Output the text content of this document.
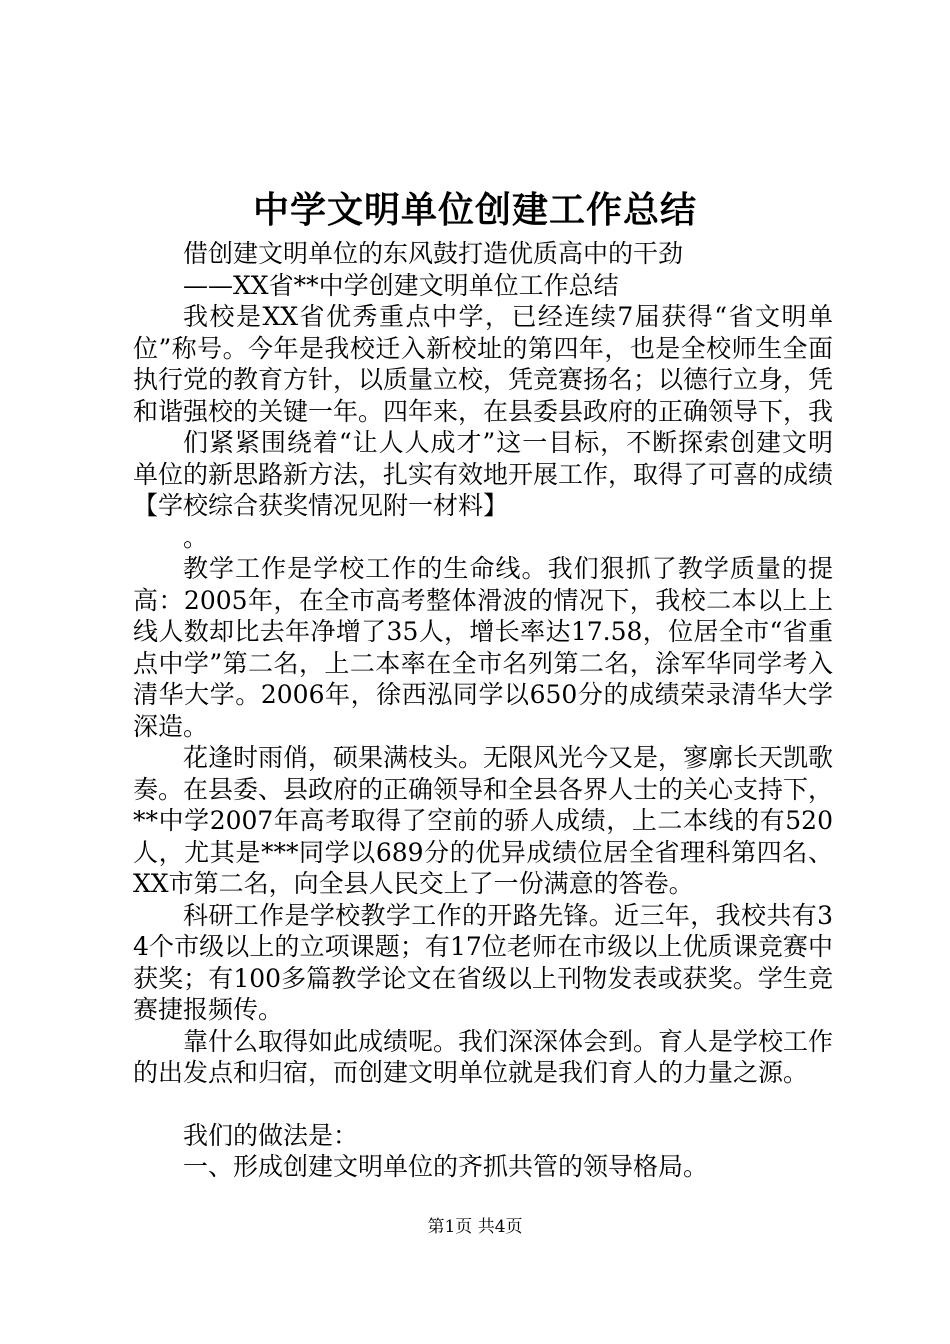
中学文明单位创建工作总结

借创建文明单位的东风鼓打造优质高中的干劲

——XX省**中学创建文明单位工作总结

我校是XX省优秀重点中学，已经连续7届获得“省文明单位”称号。今年是我校迁入新校址的第四年，也是全校师生全面执行党的教育方针，以质量立校，凭竞赛扬名；以德行立身，凭和谐强校的关键一年。四年来，在县委县政府的正确领导下，我

们紧紧围绕着“让人人成才”这一目标，不断探索创建文明单位的新思路新方法，扎实有效地开展工作，取得了可喜的成绩【学校综合获奖情况见附一材料】

。

教学工作是学校工作的生命线。我们狠抓了教学质量的提高：2005年，在全市高考整体滑波的情况下，我校二本以上上线人数却比去年净增了35人，增长率达17.58，位居全市“省重点中学”第二名，上二本率在全市名列第二名，涂军华同学考入清华大学。2006年，徐西泓同学以650分的成绩荣录清华大学深造。

花逢时雨俏，硕果满枝头。无限风光今又是，寥廓长天凯歌奏。在县委、县政府的正确领导和全县各界人士的关心支持下，**中学2007年高考取得了空前的骄人成绩，上二本线的有520人，尤其是***同学以689分的优异成绩位居全省理科第四名、XX市第二名，向全县人民交上了一份满意的答卷。

科研工作是学校教学工作的开路先锋。近三年，我校共有34个市级以上的立项课题；有17位老师在市级以上优质课竞赛中获奖；有100多篇教学论文在省级以上刊物发表或获奖。学生竞赛捷报频传。

靠什么取得如此成绩呢。我们深深体会到。育人是学校工作的出发点和归宿，而创建文明单位就是我们育人的力量之源。

我们的做法是：

一、形成创建文明单位的齐抓共管的领导格局。

第1页 共4页
